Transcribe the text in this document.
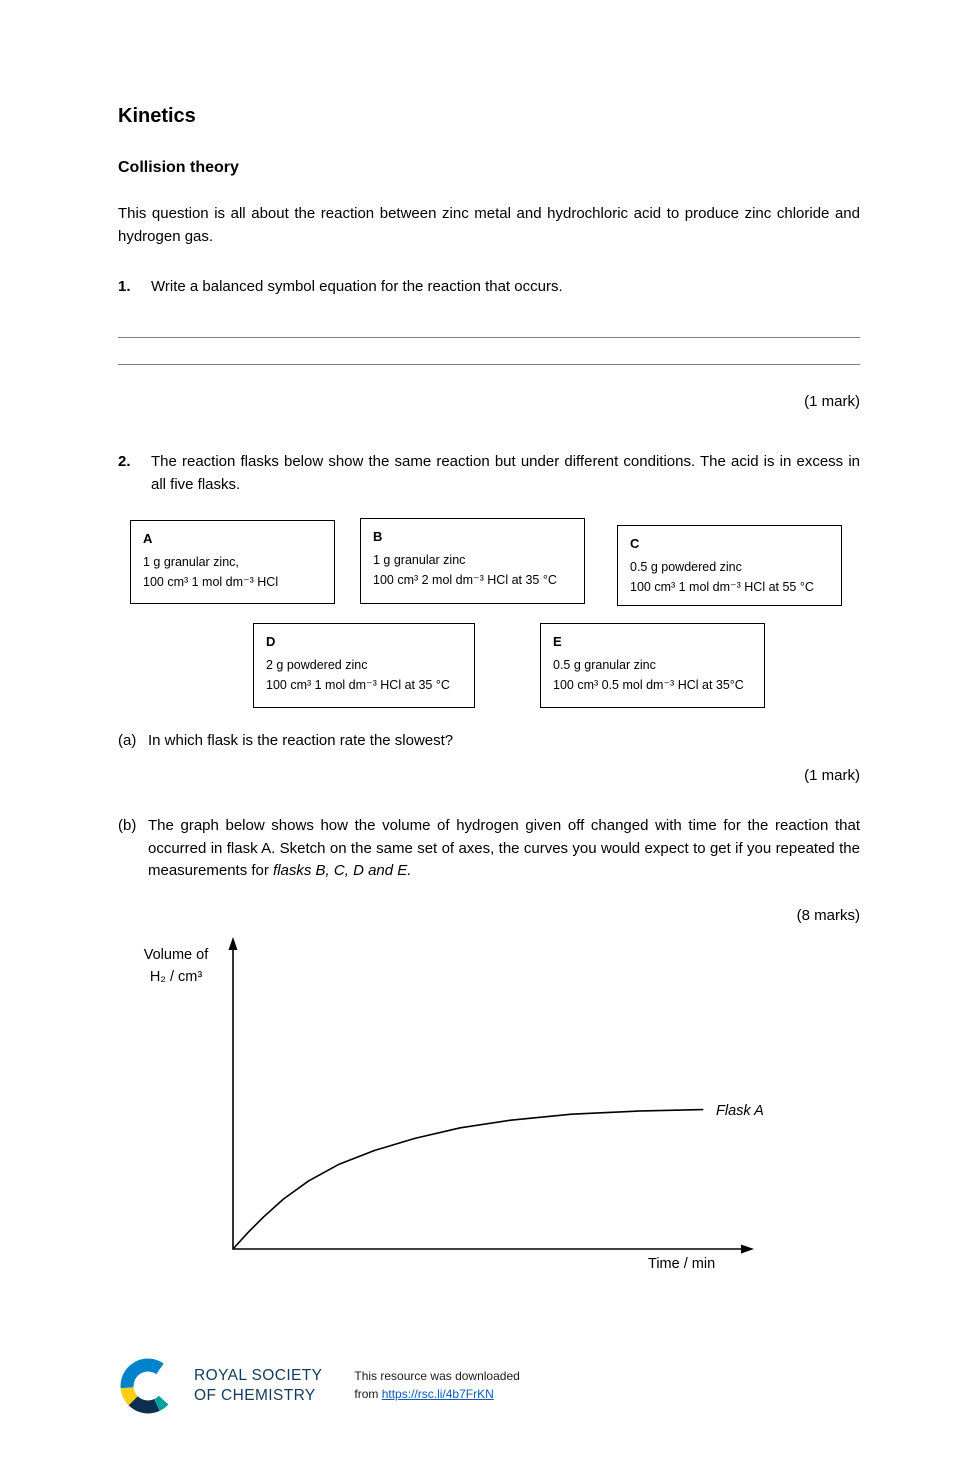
Kinetics
Collision theory

This question is all about the reaction between zinc metal and hydrochloric acid to produce zinc chloride and hydrogen gas.

1.	Write a balanced symbol equation for the reaction that occurs.
(1 mark)
2.	The reaction flasks below show the same reaction but under different conditions. The acid is in excess in all five flasks.
A
1 g granular zinc,
100 cm³ 1 mol dm⁻³ HCl
B
1 g granular zinc
100 cm³ 2 mol dm⁻³ HCl at 35 °C
C
0.5 g powdered zinc
100 cm³ 1 mol dm⁻³ HCl at 55 °C
D
2 g powdered zinc
100 cm³ 1 mol dm⁻³ HCl at 35 °C
E
0.5 g granular zinc
100 cm³ 0.5 mol dm⁻³ HCl at 35°C
(a) In which flask is the reaction rate the slowest?
(1 mark)
(b) The graph below shows how the volume of hydrogen given off changed with time for the reaction that occurred in flask A. Sketch on the same set of axes, the curves you would expect to get if you repeated the measurements for flasks B, C, D and E.
(8 marks)
Volume of
H₂ / cm³
Flask A
Time / min
ROYAL SOCIETY
OF CHEMISTRY
This resource was downloaded
from https://rsc.li/4b7FrKN
